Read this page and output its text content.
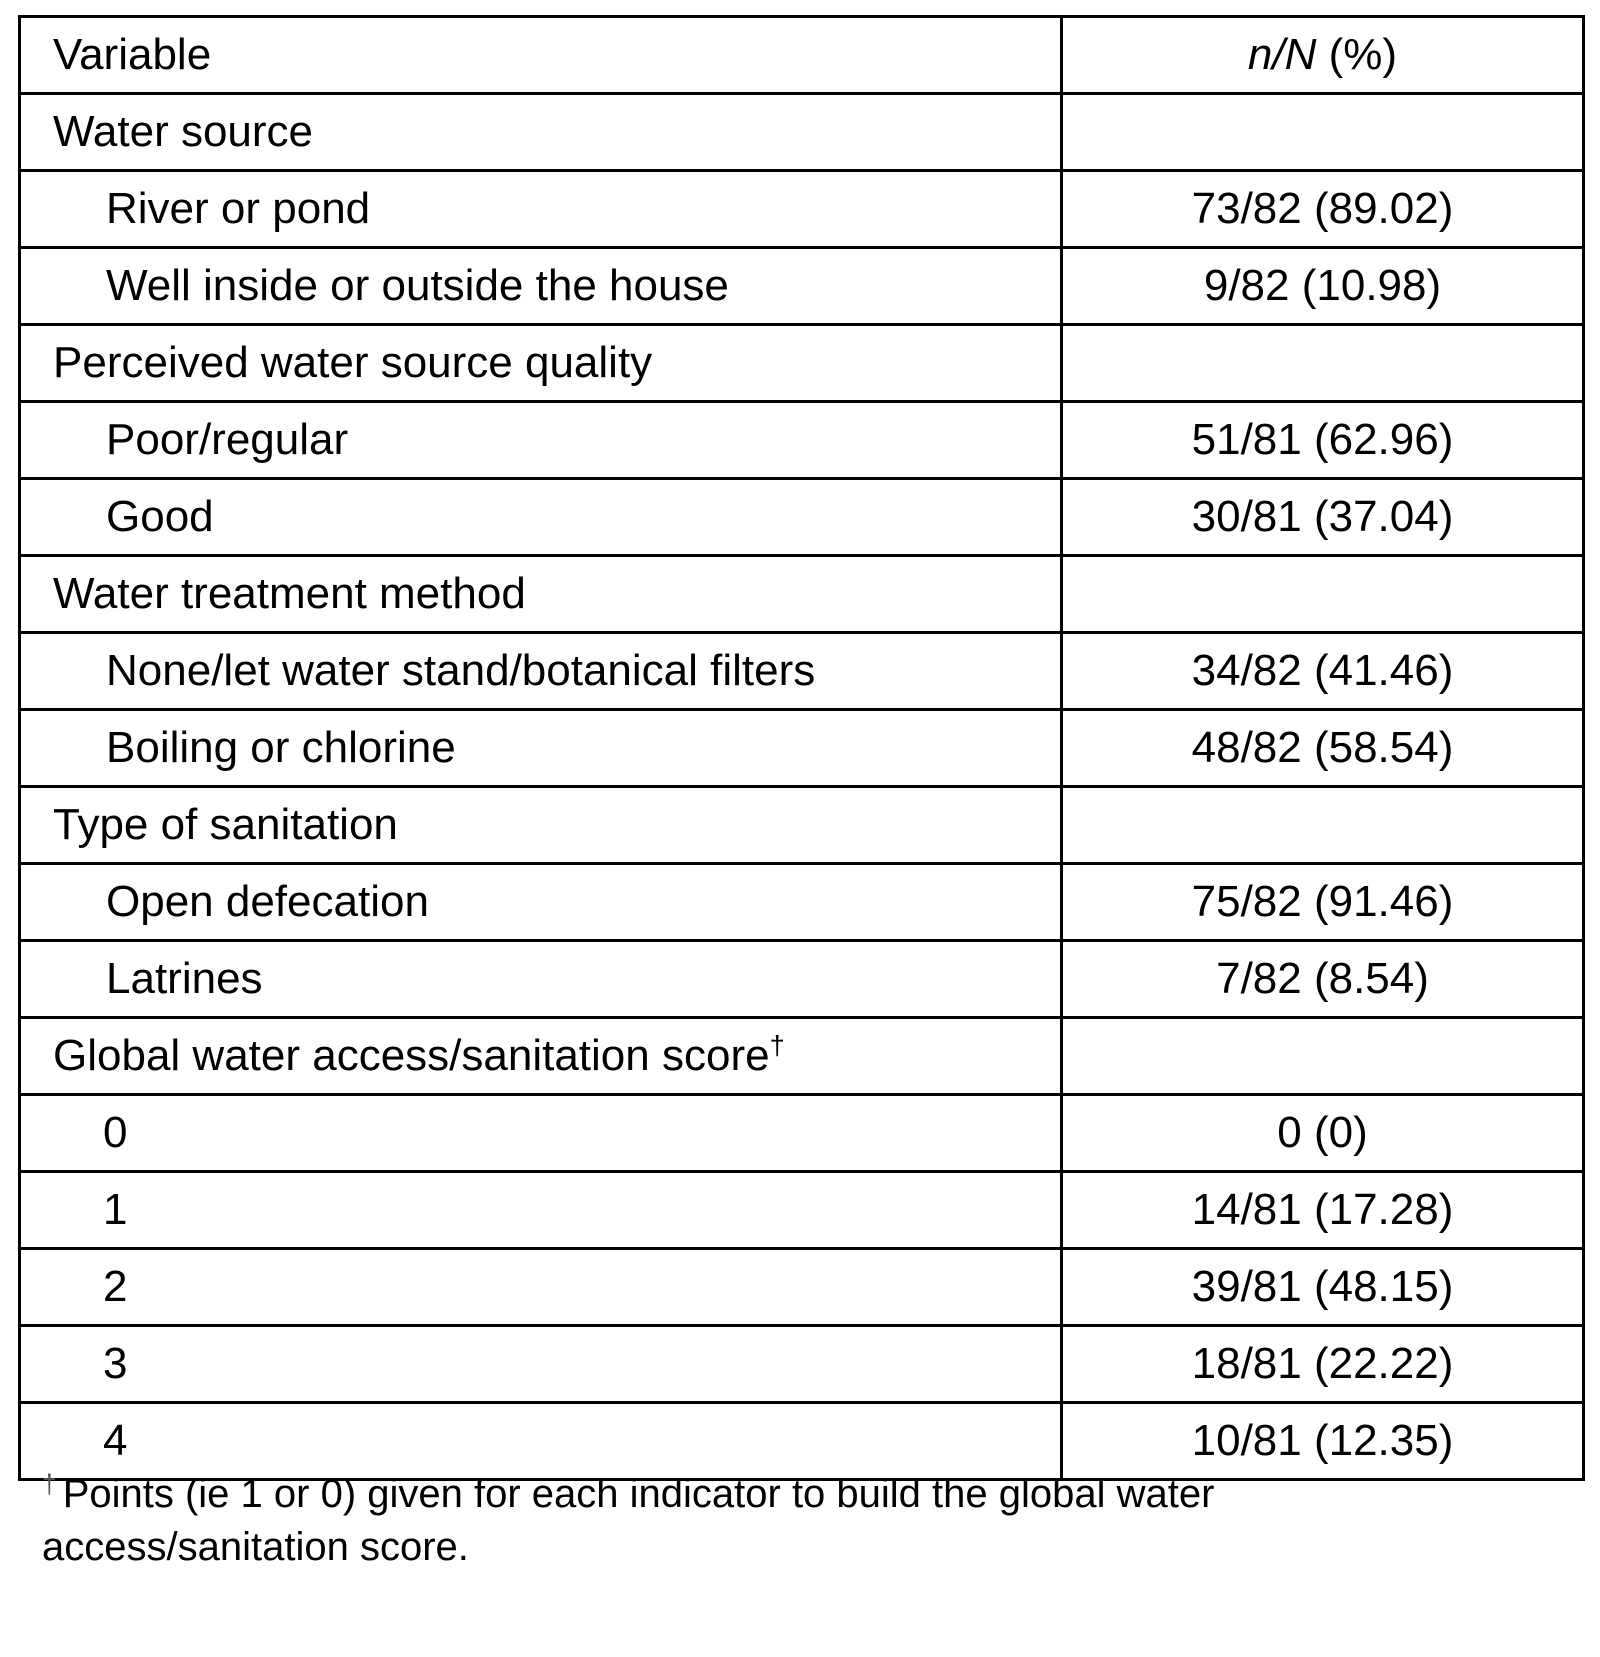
Variable	n/N (%)
Water source	
River or pond	73/82 (89.02)
Well inside or outside the house	9/82 (10.98)
Perceived water source quality	
Poor/regular	51/81 (62.96)
Good	30/81 (37.04)
Water treatment method	
None/let water stand/botanical filters	34/82 (41.46)
Boiling or chlorine	48/82 (58.54)
Type of sanitation	
Open defecation	75/82 (91.46)
Latrines	7/82 (8.54)
Global water access/sanitation score†	
0	0 (0)
1	14/81 (17.28)
2	39/81 (48.15)
3	18/81 (22.22)
4	10/81 (12.35)
† Points (ie 1 or 0) given for each indicator to build the global water access/sanitation score.
